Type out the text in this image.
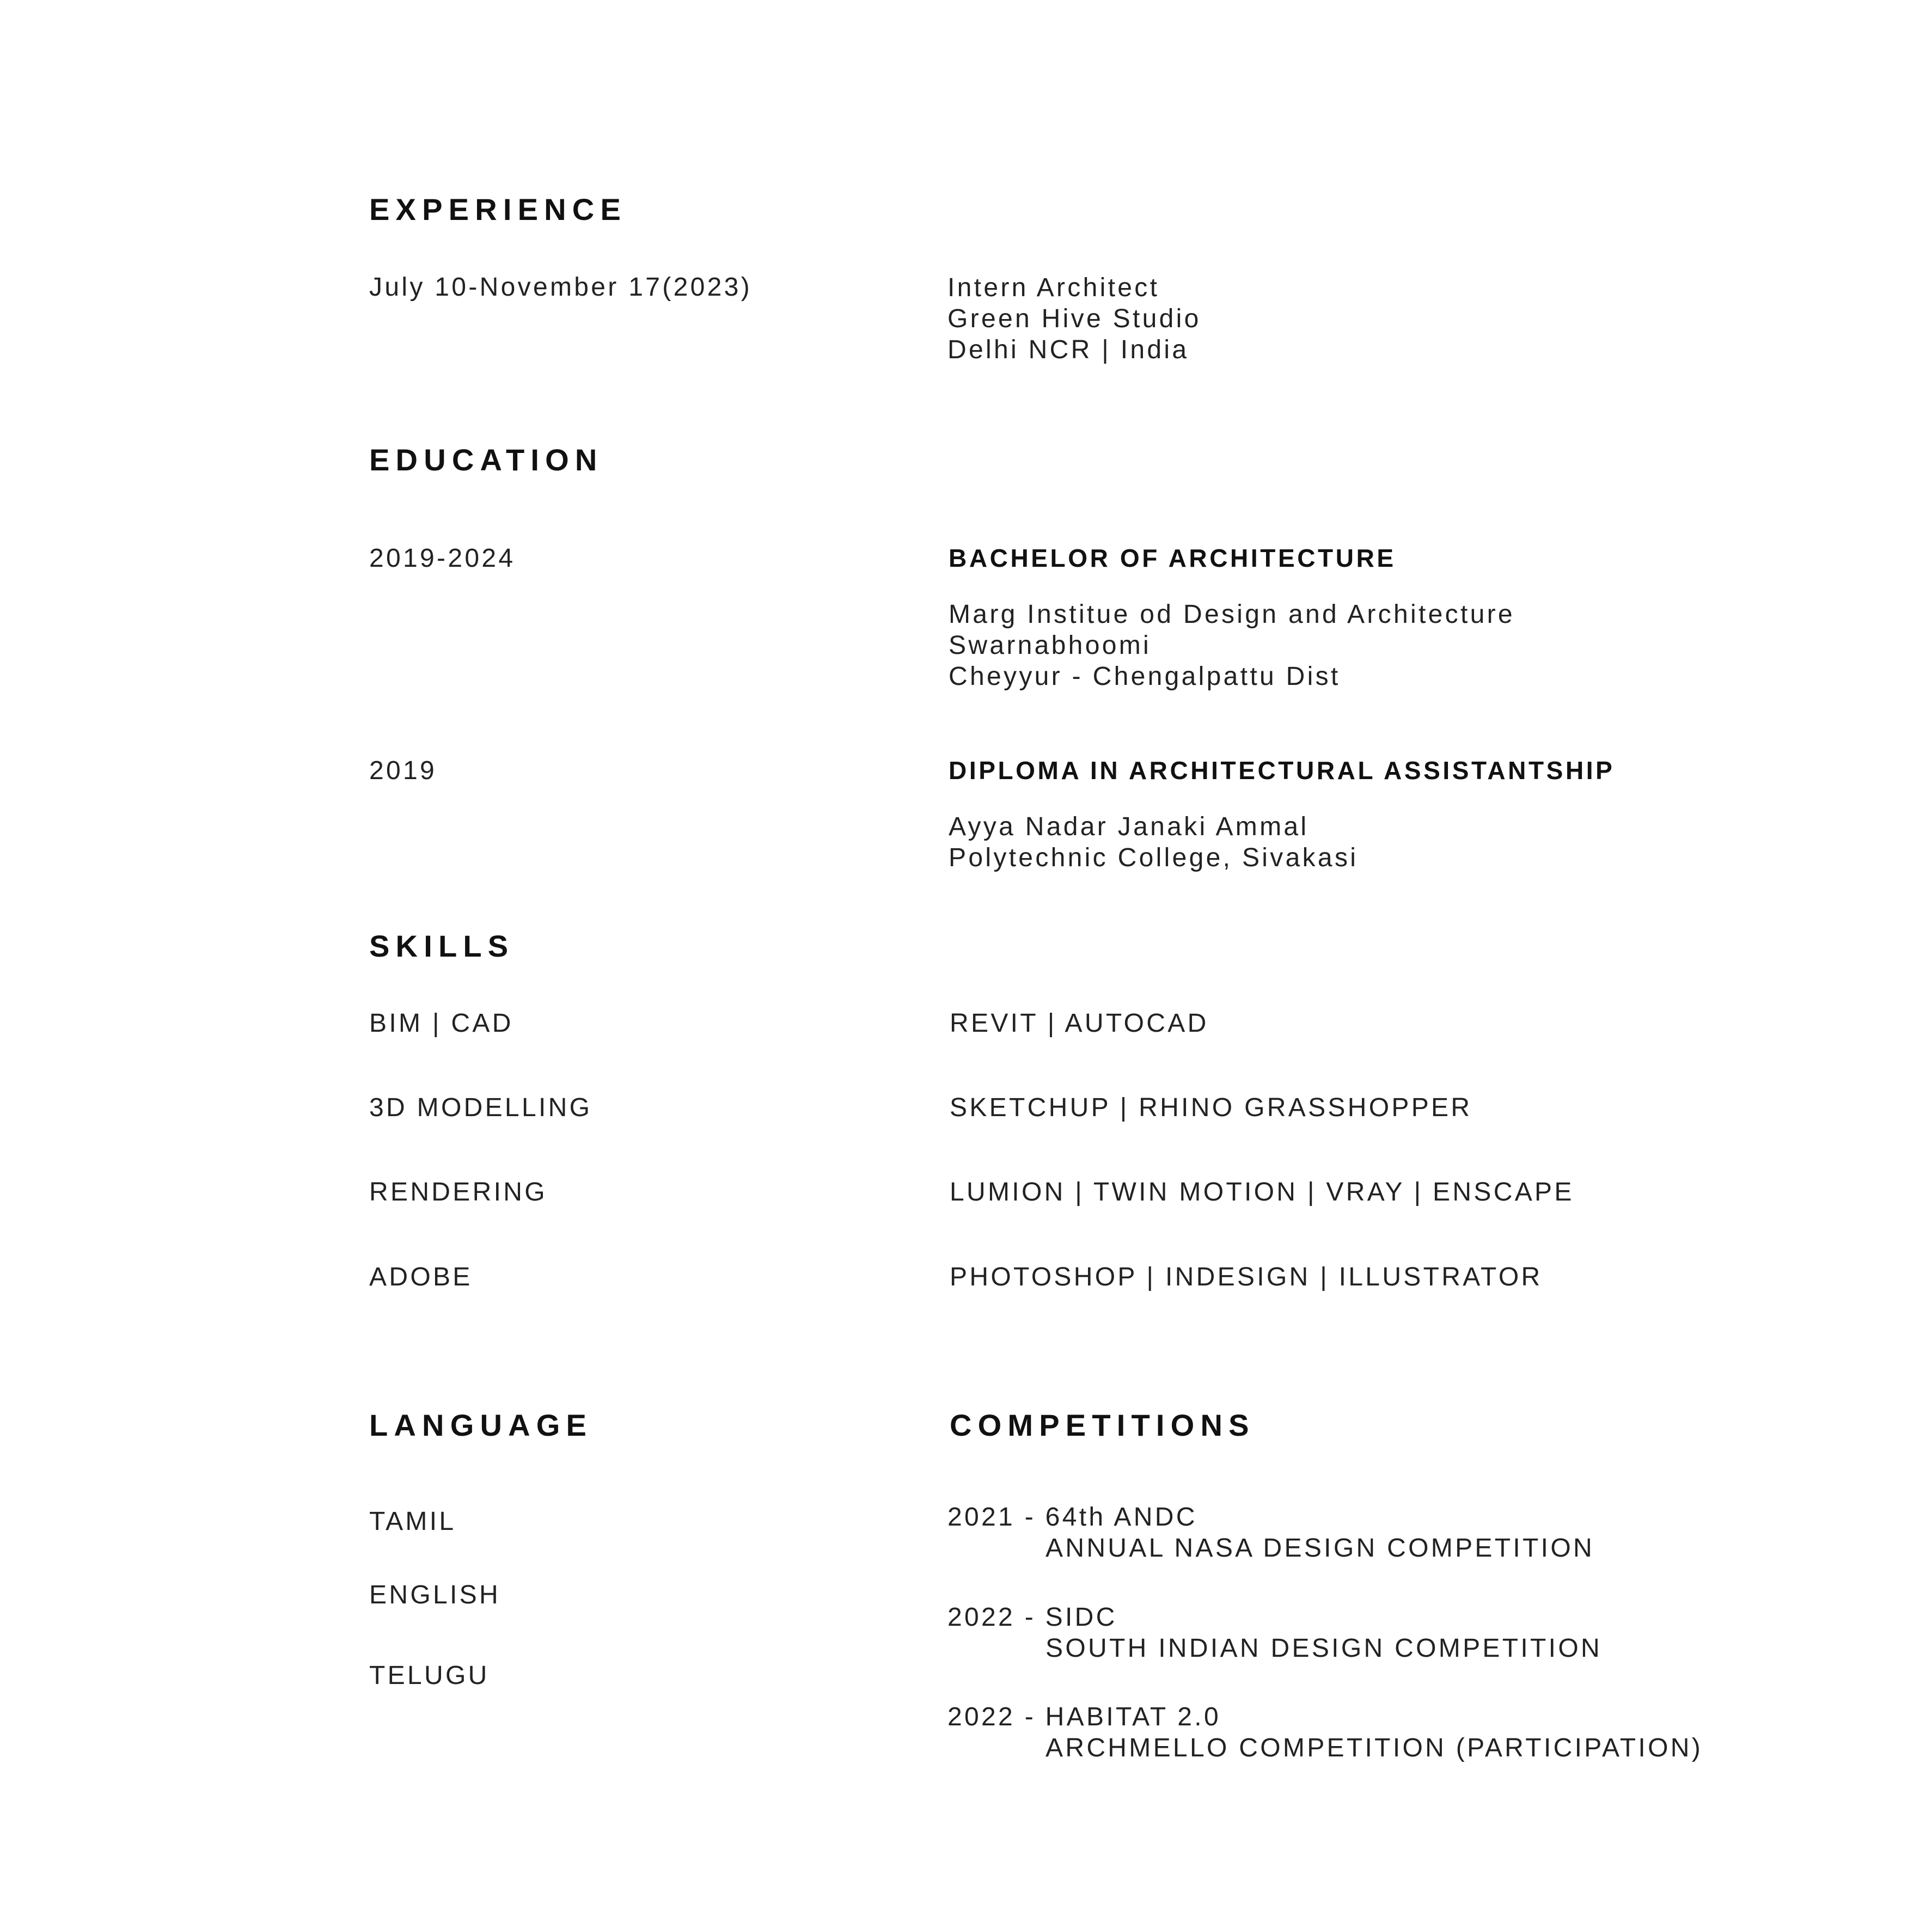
EXPERIENCE
July 10-November 17(2023)	Intern Architect
Green Hive Studio
Delhi NCR | India
EDUCATION
2019-2024	BACHELOR OF ARCHITECTURE
Marg Institue od Design and Architecture
Swarnabhoomi
Cheyyur - Chengalpattu Dist
2019	DIPLOMA IN ARCHITECTURAL ASSISTANTSHIP
Ayya Nadar Janaki Ammal
Polytechnic College, Sivakasi
SKILLS
BIM | CAD	REVIT | AUTOCAD
3D MODELLING	SKETCHUP | RHINO GRASSHOPPER
RENDERING	LUMION | TWIN MOTION | VRAY | ENSCAPE
ADOBE	PHOTOSHOP | INDESIGN | ILLUSTRATOR
LANGUAGE
TAMIL
ENGLISH
TELUGU
COMPETITIONS
2021 - 64th ANDC
ANNUAL NASA DESIGN COMPETITION
2022 - SIDC
SOUTH INDIAN DESIGN COMPETITION
2022 - HABITAT 2.0
ARCHMELLO COMPETITION (PARTICIPATION)
